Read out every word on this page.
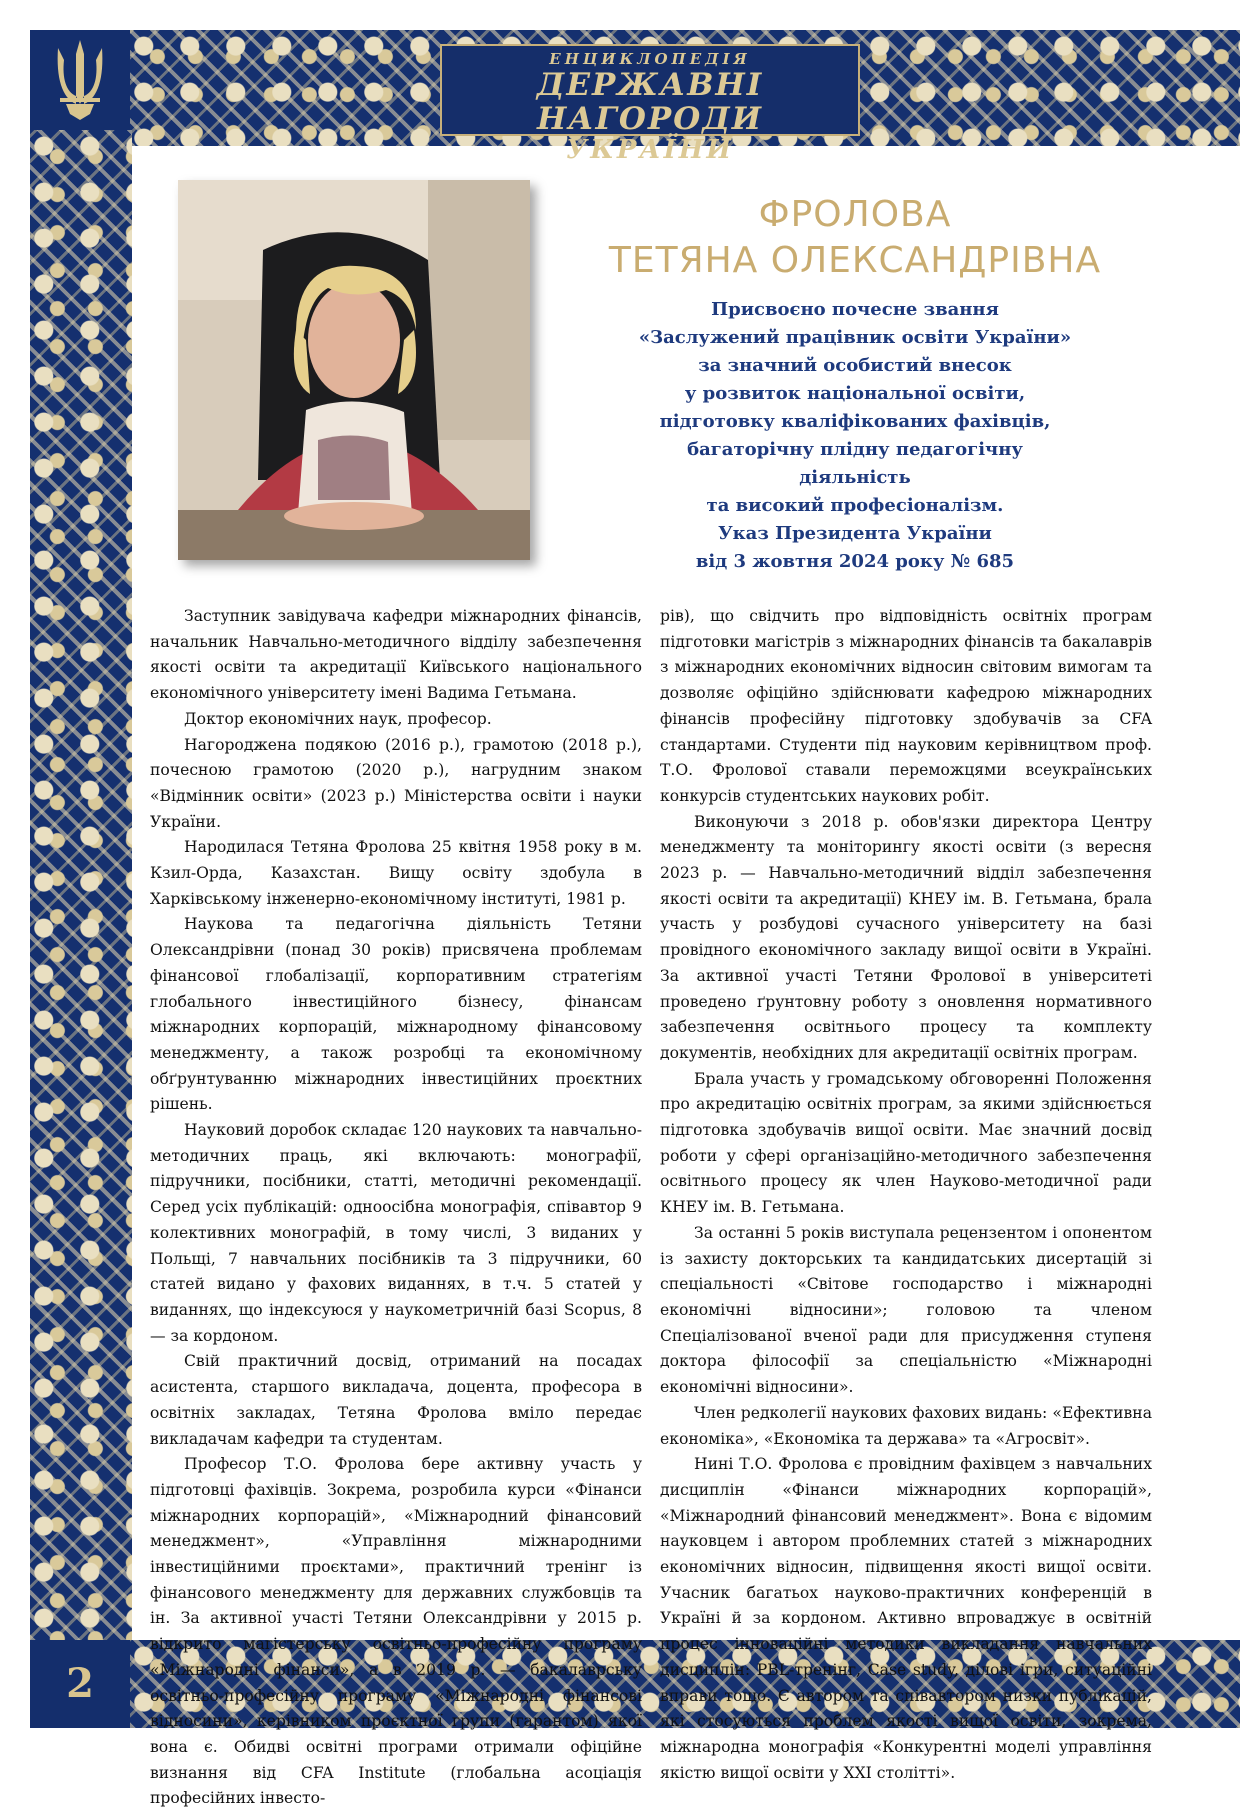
ЕНЦИКЛОПЕДІЯ
ДЕРЖАВНІ НАГОРОДИ
УКРАЇНИ
ФРОЛОВА
ТЕТЯНА ОЛЕКСАНДРІВНА
Присвоєно почесне звання
«Заслужений працівник освіти України»
за значний особистий внесок
у розвиток національної освіти,
підготовку кваліфікованих фахівців,
багаторічну плідну педагогічну діяльність
та високий професіоналізм.
Указ Президента України
від 3 жовтня 2024 року № 685

Заступник завідувача кафедри міжнародних фінансів, начальник Навчально-методичного відділу забезпечення якості освіти та акредитації Київського національного економічного університету імені Вадима Гетьмана.

Доктор економічних наук, професор.

Нагороджена подякою (2016 р.), грамотою (2018 р.), почесною грамотою (2020 р.), нагрудним знаком «Відмінник освіти» (2023 р.) Міністерства освіти і науки України.

Народилася Тетяна Фролова 25 квітня 1958 року в м. Кзил-Орда, Казахстан. Вищу освіту здобула в Харківському інженерно-економічному інституті, 1981 р.

Наукова та педагогічна діяльність Тетяни Олександрівни (понад 30 років) присвячена проблемам фінансової глобалізації, корпоративним стратегіям глобального інвестиційного бізнесу, фінансам міжнародних корпорацій, міжнародному фінансовому менеджменту, а також розробці та економічному обґрунтуванню міжнародних інвестиційних проєктних рішень.

Науковий доробок складає 120 наукових та навчально-методичних праць, які включають: монографії, підручники, посібники, статті, методичні рекомендації. Серед усіх публікацій: одноосібна монографія, співавтор 9 колективних монографій, в тому числі, 3 виданих у Польщі, 7 навчальних посібників та 3 підручники, 60 статей видано у фахових виданнях, в т.ч. 5 статей у виданнях, що індексуюся у наукометричній базі Scopus, 8 — за кордоном.

Свій практичний досвід, отриманий на посадах асистента, старшого викладача, доцента, професора в освітніх закладах, Тетяна Фролова вміло передає викладачам кафедри та студентам.

Професор Т.О. Фролова бере активну участь у підготовці фахівців. Зокрема, розробила курси «Фінанси міжнародних корпорацій», «Міжнародний фінансовий менеджмент», «Управління міжнародними інвестиційними проєктами», практичний тренінг із фінансового менеджменту для державних службовців та ін. За активної участі Тетяни Олександрівни у 2015 р. відкрито магістерську освітньо-професійну програму «Міжнародні фінанси», а в 2019 р. — бакалаврську освітньо-професійну програму «Міжнародні фінансові відносини», керівником проєктної групи (гарантом) якої вона є. Обидві освітні програми отримали офіційне визнання від CFA Institute (глобальна асоціація професійних інвесто-

рів), що свідчить про відповідність освітніх програм підготовки магістрів з міжнародних фінансів та бакалаврів з міжнародних економічних відносин світовим вимогам та дозволяє офіційно здійснювати кафедрою міжнародних фінансів професійну підготовку здобувачів за CFA стандартами. Студенти під науковим керівництвом проф. Т.О. Фролової ставали переможцями всеукраїнських конкурсів студентських наукових робіт.

Виконуючи з 2018 р. обов'язки директора Центру менеджменту та моніторингу якості освіти (з вересня 2023 р. — Навчально-методичний відділ забезпечення якості освіти та акредитації) КНЕУ ім. В. Гетьмана, брала участь у розбудові сучасного університету на базі провідного економічного закладу вищої освіти в Україні. За активної участі Тетяни Фролової в університеті проведено ґрунтовну роботу з оновлення нормативного забезпечення освітнього процесу та комплекту документів, необхідних для акредитації освітніх програм.

Брала участь у громадському обговоренні Положення про акредитацію освітніх програм, за якими здійснюється підготовка здобувачів вищої освіти. Має значний досвід роботи у сфері організаційно-методичного забезпечення освітнього процесу як член Науково-методичної ради КНЕУ ім. В. Гетьмана.

За останні 5 років виступала рецензентом і опонентом із захисту докторських та кандидатських дисертацій зі спеціальності «Світове господарство і міжнародні економічні відносини»; головою та членом Спеціалізованої вченої ради для присудження ступеня доктора філософії за спеціальністю «Міжнародні економічні відносини».

Член редколегії наукових фахових видань: «Ефективна економіка», «Економіка та держава» та «Агросвіт».

Нині Т.О. Фролова є провідним фахівцем з навчальних дисциплін «Фінанси міжнародних корпорацій», «Міжнародний фінансовий менеджмент». Вона є відомим науковцем і автором проблемних статей з міжнародних економічних відносин, підвищення якості вищої освіти. Учасник багатьох науково-практичних конференцій в Україні й за кордоном. Активно впроваджує в освітній процес інноваційні методики викладання навчальних дисциплін: PBL-тренінг, Case study, ділові ігри, ситуаційні вправи тощо. Є автором та співавтором низки публікацій, які стосуються проблем якості вищої освіти, зокрема, міжнародна монографія «Конкурентні моделі управління якістю вищої освіти у XXI столітті».

2
